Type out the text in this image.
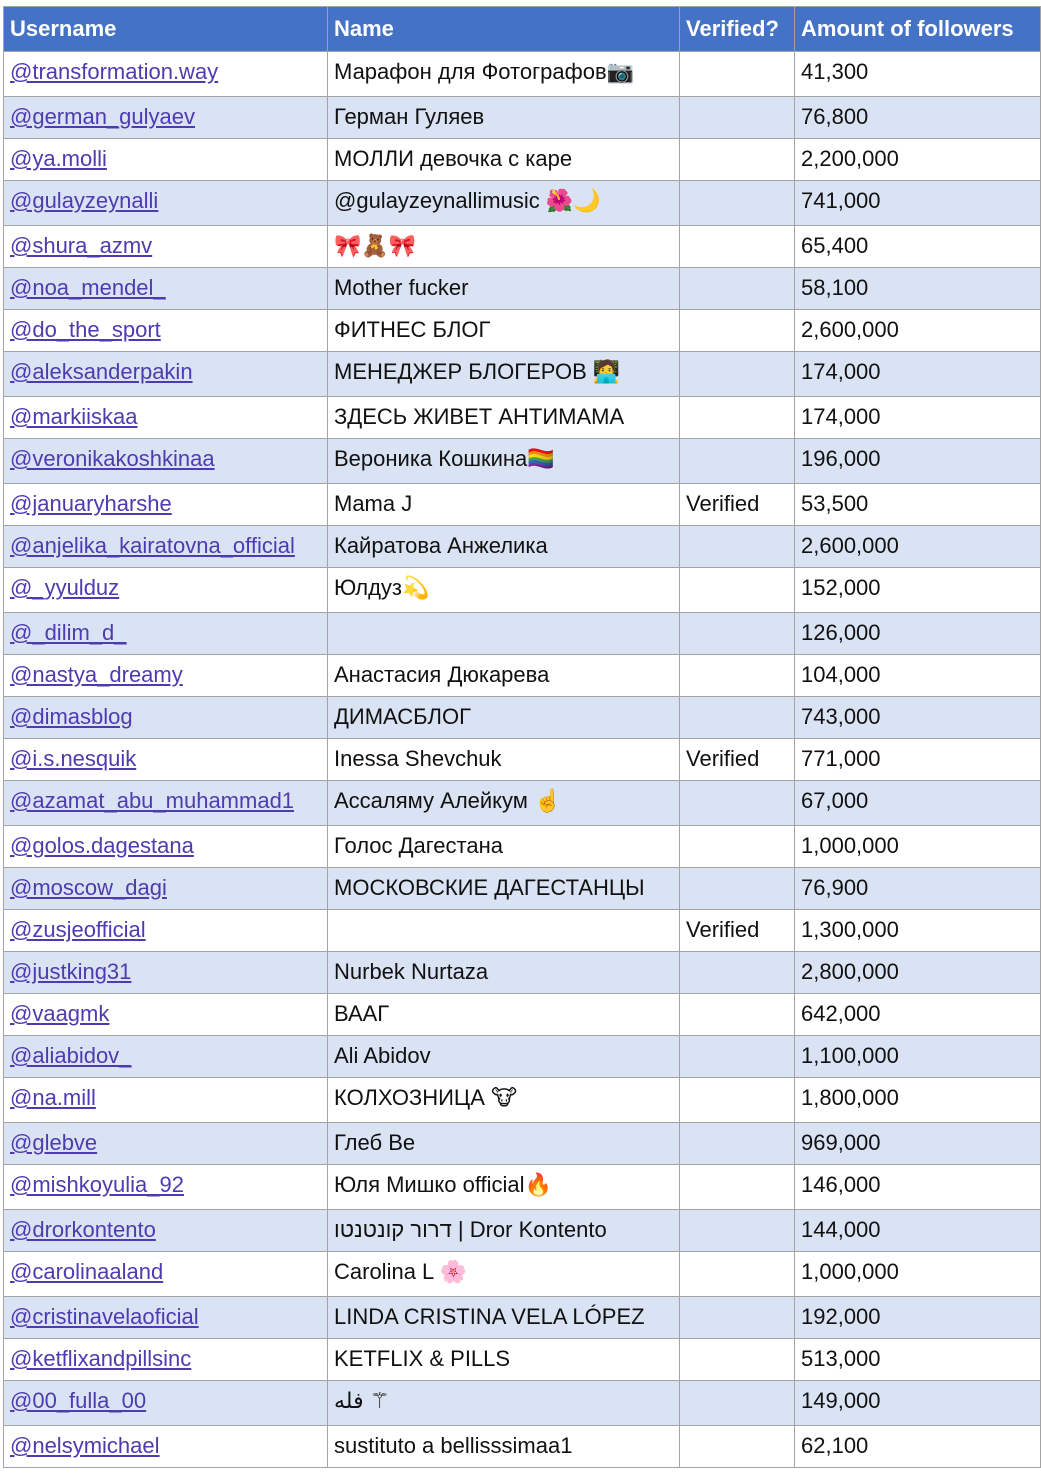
Username	Name	Verified?	Amount of followers
@transformation.way	Марафон для Фотографов📷		41,300
@german_gulyaev	Герман Гуляев		76,800
@ya.molli	МОЛЛИ девочка с каре		2,200,000
@gulayzeynalli	@gulayzeynallimusic 🌺🌙		741,000
@shura_azmv	🎀🧸🎀		65,400
@noa_mendel_	Mother fucker		58,100
@do_the_sport	ФИТНЕС БЛОГ		2,600,000
@aleksanderpakin	МЕНЕДЖЕР БЛОГЕРОВ 🧑‍💻		174,000
@markiiskaa	ЗДЕСЬ ЖИВЕТ АНТИМАМА		174,000
@veronikakoshkinaa	Вероника Кошкина🏳️‍🌈		196,000
@januaryharshe	Mama J	Verified	53,500
@anjelika_kairatovna_official	Кайратова Анжелика		2,600,000
@_yyulduz	Юлдуз💫		152,000
@_dilim_d_			126,000
@nastya_dreamy	Анастасия Дюкарева		104,000
@dimasblog	ДИМАСБЛОГ		743,000
@i.s.nesquik	Inessa Shevchuk	Verified	771,000
@azamat_abu_muhammad1	Ассаляму Алейкум ☝️		67,000
@golos.dagestana	Голос Дагестана		1,000,000
@moscow_dagi	МОСКОВСКИЕ ДАГЕСТАНЦЫ		76,900
@zusjeofficial		Verified	1,300,000
@justking31	Nurbek Nurtaza		2,800,000
@vaagmk	ВААГ		642,000
@aliabidov_	Ali Abidov		1,100,000
@na.mill	КОЛХОЗНИЦА 🐮		1,800,000
@glebve	Глеб Ве		969,000
@mishkoyulia_92	Юля Мишко official🔥		146,000
@drorkontento	דרור קונטנטו | Dror Kontento		144,000
@carolinaaland	Carolina L 🌸		1,000,000
@cristinavelaoficial	LINDA CRISTINA VELA LÓPEZ		192,000
@ketflixandpillsinc	KETFLIX & PILLS		513,000
@00_fulla_00	فله ⚚		149,000
@nelsymichael	sustituto a bellisssimaa1		62,100
